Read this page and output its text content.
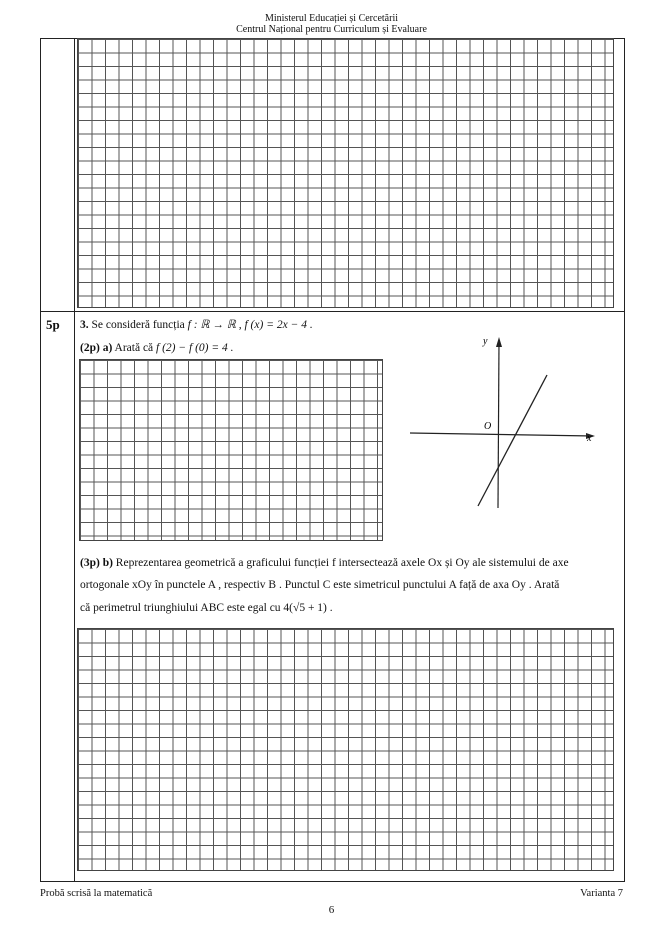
Ministerul Educației și Cercetării
Centrul Național pentru Curriculum și Evaluare
5p 3. Se consideră funcția f : ℝ → ℝ , f (x) = 2x − 4 .
(2p) a) Arată că f (2) − f (0) = 4 .
y
x
O
(3p) b) Reprezentarea geometrică a graficului funcției f intersectează axele Ox și Oy ale sistemului de axe
ortogonale xOy în punctele A , respectiv B . Punctul C este simetricul punctului A față de axa Oy . Arată
că perimetrul triunghiului ABC este egal cu 4(√5 + 1) .
Probă scrisă la matematică	Varianta 7
6
